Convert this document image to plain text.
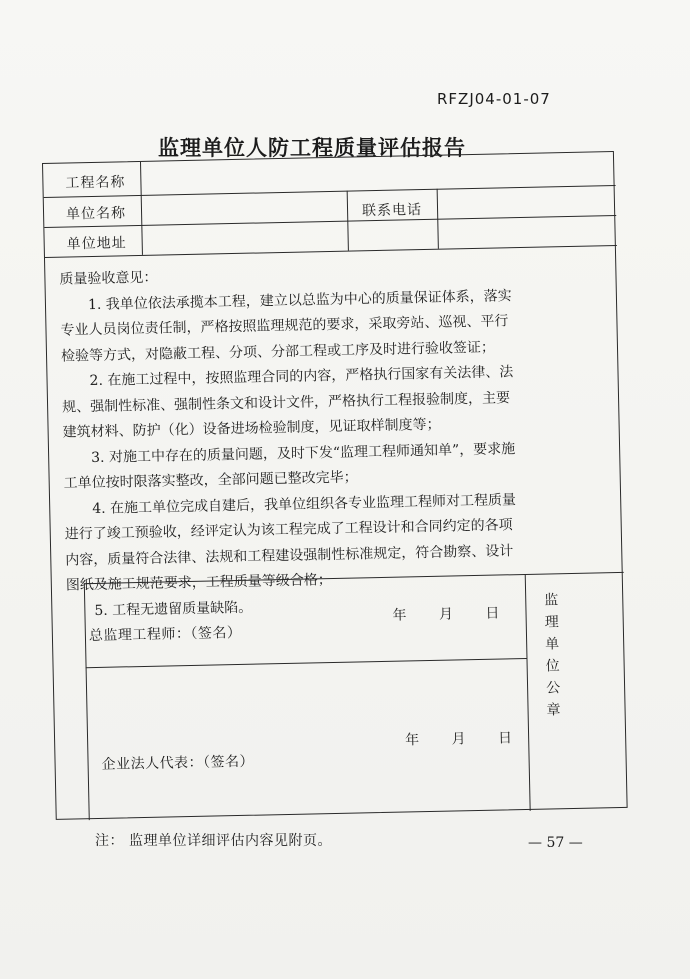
RFZJ04-01-07
监理单位人防工程质量评估报告
工程名称
单位名称	联系电话
单位地址

质量验收意见：

1. 我单位依法承揽本工程，建立以总监为中心的质量保证体系，落实

专业人员岗位责任制，严格按照监理规范的要求，采取旁站、巡视、平行

检验等方式，对隐蔽工程、分项、分部工程或工序及时进行验收签证；

2. 在施工过程中，按照监理合同的内容，严格执行国家有关法律、法

规、强制性标准、强制性条文和设计文件，严格执行工程报验制度，主要

建筑材料、防护（化）设备进场检验制度，见证取样制度等；

3. 对施工中存在的质量问题，及时下发“监理工程师通知单”，要求施

工单位按时限落实整改，全部问题已整改完毕；

4. 在施工单位完成自建后，我单位组织各专业监理工程师对工程质量

进行了竣工预验收，经评定认为该工程完成了工程设计和合同约定的各项

内容，质量符合法律、法规和工程建设强制性标准规定，符合勘察、设计

图纸及施工规范要求，工程质量等级合格；

5. 工程无遗留质量缺陷。	年 月 日
总监理工程师：（签名）
年 月 日
企业法人代表：（签名）
监理单位公章
注： 监理单位详细评估内容见附页。	— 57 —
